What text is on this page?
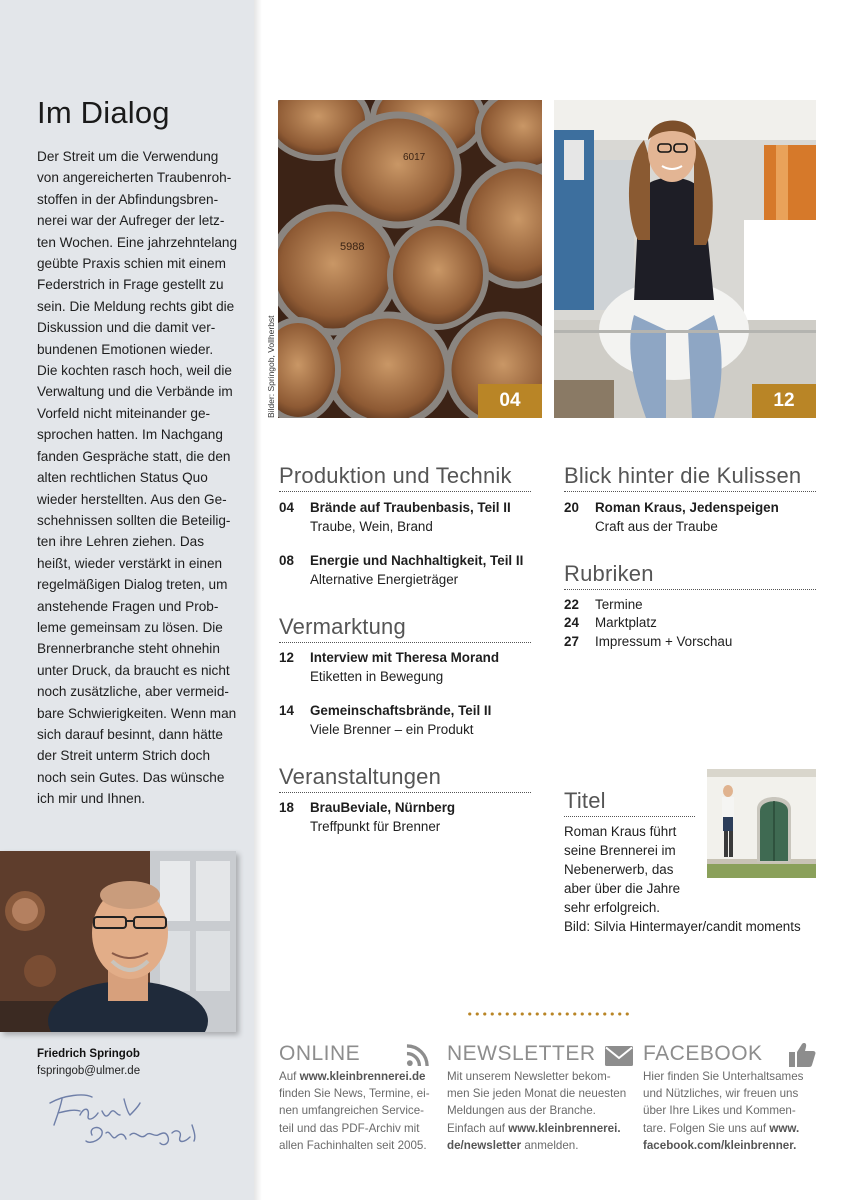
Im Dialog
Der Streit um die Verwendung
von angereicherten Traubenroh-
stoffen in der Abfindungsbren-
nerei war der Aufreger der letz-
ten Wochen. Eine jahrzehntelang
geübte Praxis schien mit einem
Federstrich in Frage gestellt zu
sein. Die Meldung rechts gibt die
Diskussion und die damit ver-
bundenen Emotionen wieder.
Die kochten rasch hoch, weil die
Verwaltung und die Verbände im
Vorfeld nicht miteinander ge-
sprochen hatten. Im Nachgang
fanden Gespräche statt, die den
alten rechtlichen Status Quo
wieder herstellten. Aus den Ge-
schehnissen sollten die Beteilig-
ten ihre Lehren ziehen. Das
heißt, wieder verstärkt in einen
regelmäßigen Dialog treten, um
anstehende Fragen und Prob-
leme gemeinsam zu lösen. Die
Brennerbranche steht ohnehin
unter Druck, da braucht es nicht
noch zusätzliche, aber vermeid-
bare Schwierigkeiten. Wenn man
sich darauf besinnt, dann hätte
der Streit unterm Strich doch
noch sein Gutes. Das wünsche
ich mir und Ihnen.
Friedrich Springob
fspringob@ulmer.de
5988
6017
04
Bilder: Springob, Vollherbst	12
Produktion und Technik
04	Brände auf Traubenbasis, Teil II
Traube, Wein, Brand
08	Energie und Nachhaltigkeit, Teil II
Alternative Energieträger
Vermarktung
12	Interview mit Theresa Morand
Etiketten in Bewegung
14	Gemeinschaftsbrände, Teil II
Viele Brenner – ein Produkt
Veranstaltungen
18	BrauBeviale, Nürnberg
Treffpunkt für Brenner
Blick hinter die Kulissen
20	Roman Kraus, Jedenspeigen
Craft aus der Traube
Rubriken
22	Termine
24	Marktplatz
27	Impressum + Vorschau
Titel
Roman Kraus führt
seine Brennerei im
Nebenerwerb, das
aber über die Jahre
sehr erfolgreich.
Bild: Silvia Hintermayer/candit moments
ONLINE
Auf www.kleinbrennerei.de
finden Sie News, Termine, ei-
nen umfangreichen Service-
teil und das PDF-Archiv mit
allen Fachinhalten seit 2005.
NEWSLETTER
Mit unserem Newsletter bekom-
men Sie jeden Monat die neuesten
Meldungen aus der Branche.
Einfach auf www.kleinbrennerei.
de/newsletter anmelden.
FACEBOOK
Hier finden Sie Unterhaltsames
und Nützliches, wir freuen uns
über Ihre Likes und Kommen-
tare. Folgen Sie uns auf www.
facebook.com/kleinbrenner.
